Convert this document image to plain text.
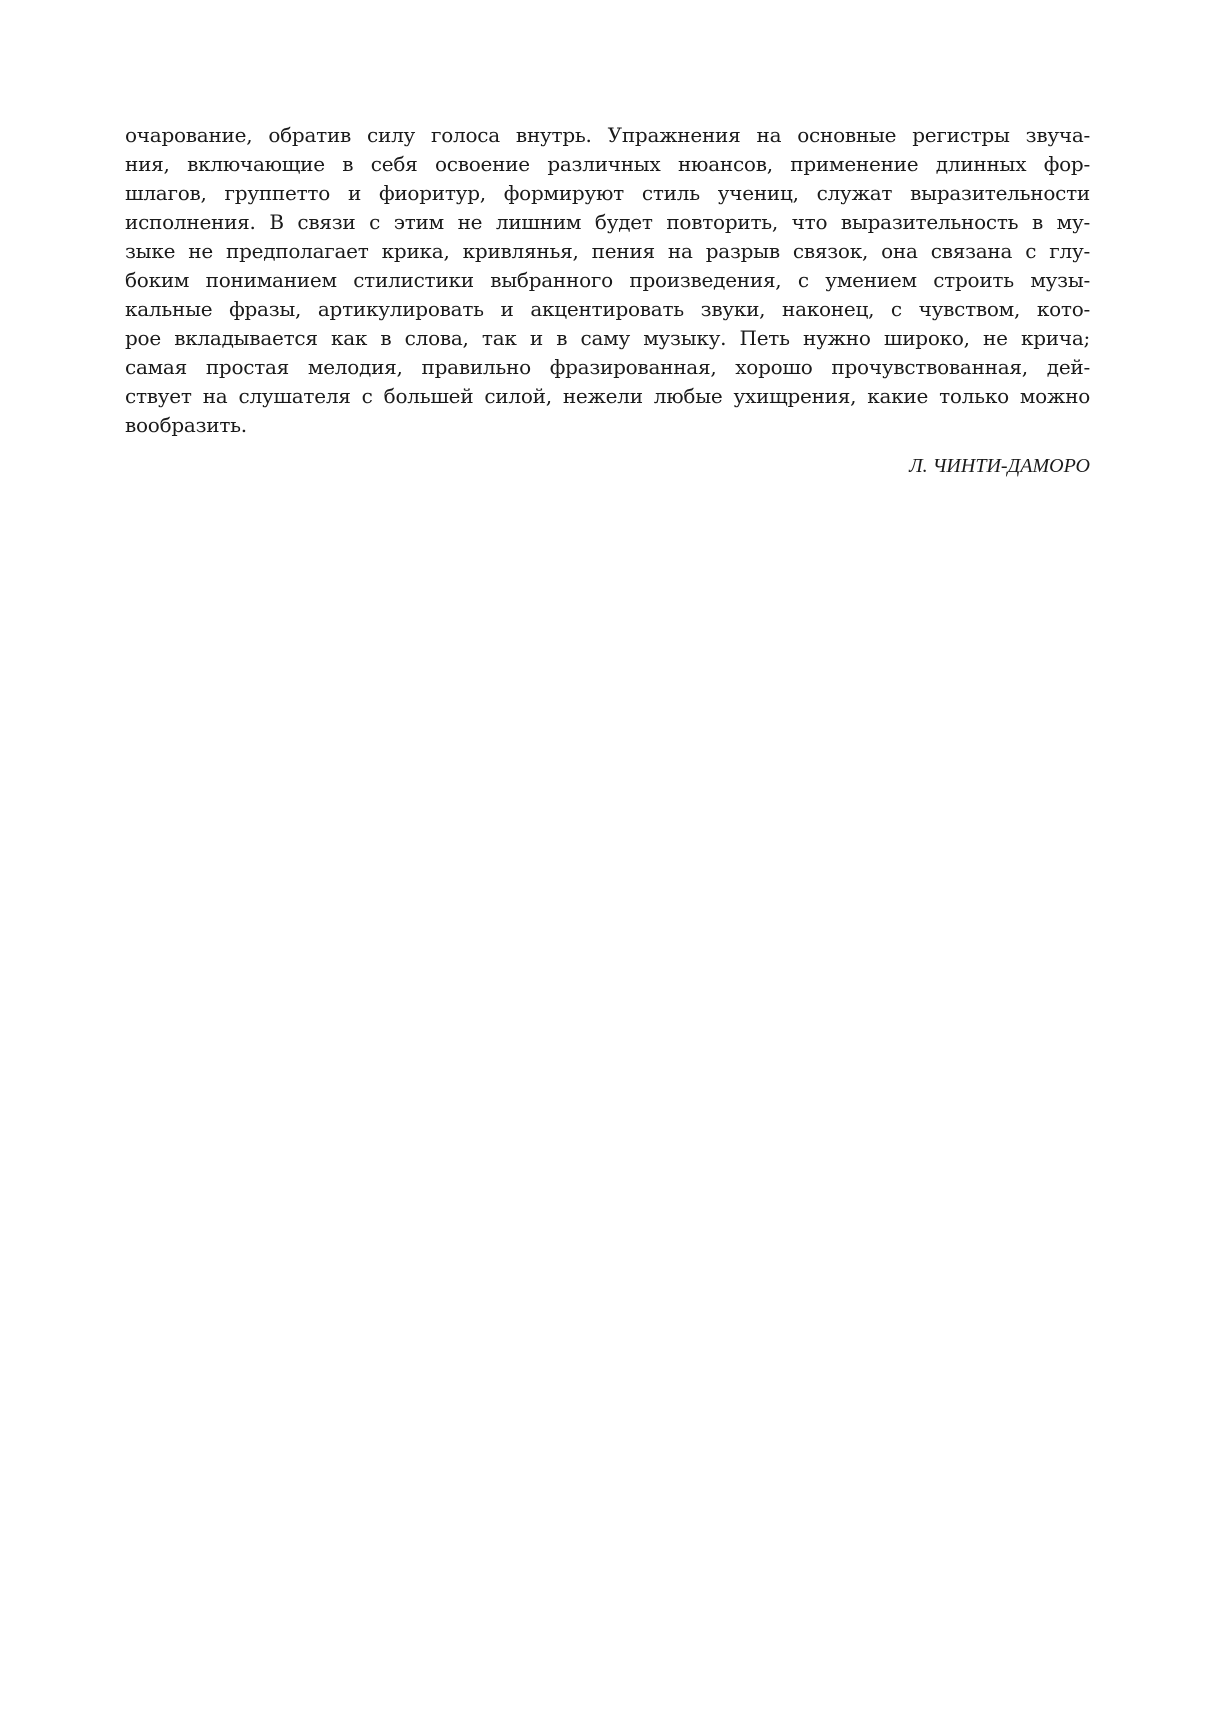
очарование, обратив силу голоса внутрь. Упражнения на основные регистры звуча-
ния, включающие в себя освоение различных нюансов, применение длинных фор-
шлагов, группетто и фиоритур, формируют стиль учениц, служат выразительности
исполнения. В связи с этим не лишним будет повторить, что выразительность в му-
зыке не предполагает крика, кривлянья, пения на разрыв связок, она связана с глу-
боким пониманием стилистики выбранного произведения, с умением строить музы-
кальные фразы, артикулировать и акцентировать звуки, наконец, с чувством, кото-
рое вкладывается как в слова, так и в саму музыку. Петь нужно широко, не крича;
самая простая мелодия, правильно фразированная, хорошо прочувствованная, дей-
ствует на слушателя с большей силой, нежели любые ухищрения, какие только можно
вообразить.
Л. ЧИНТИ-ДАМОРО
